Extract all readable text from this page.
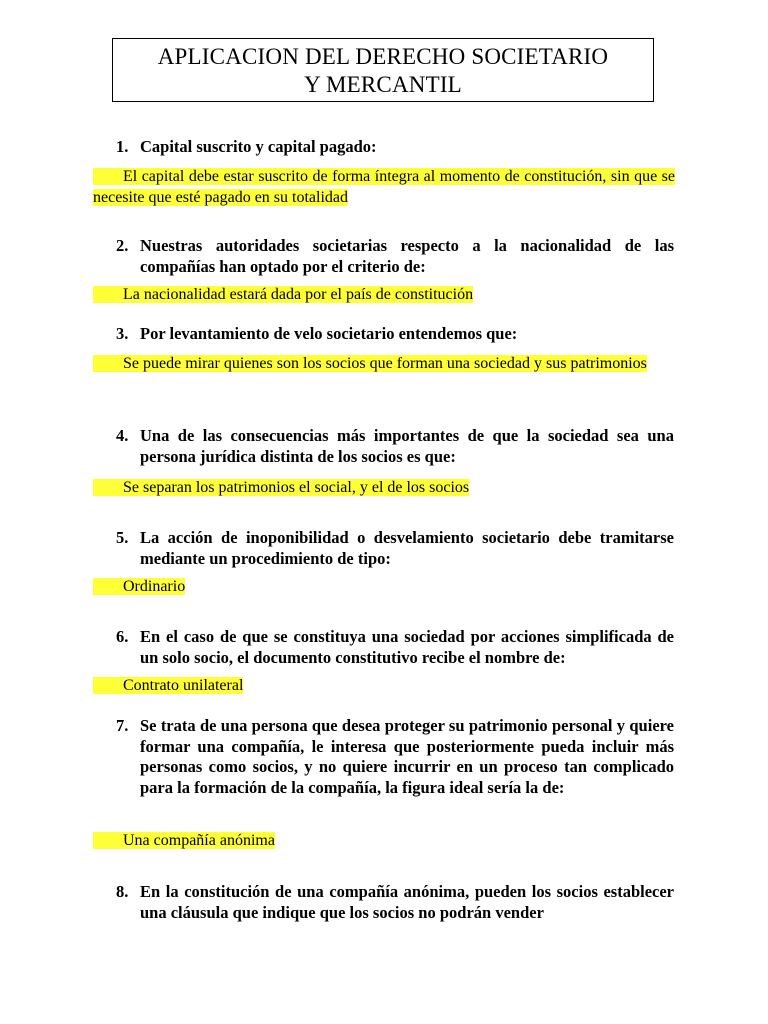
APLICACION DEL DERECHO SOCIETARIO
Y MERCANTIL
1. Capital suscrito y capital pagado:
El capital debe estar suscrito de forma íntegra al momento de constitución, sin que se necesite que esté pagado en su totalidad
2. Nuestras autoridades societarias respecto a la nacionalidad de las compañías han optado por el criterio de:
La nacionalidad estará dada por el país de constitución
3. Por levantamiento de velo societario entendemos que:
Se puede mirar quienes son los socios que forman una sociedad y sus patrimonios
4. Una de las consecuencias más importantes de que la sociedad sea una persona jurídica distinta de los socios es que:
Se separan los patrimonios el social, y el de los socios
5. La acción de inoponibilidad o desvelamiento societario debe tramitarse mediante un procedimiento de tipo:
Ordinario
6. En el caso de que se constituya una sociedad por acciones simplificada de un solo socio, el documento constitutivo recibe el nombre de:
Contrato unilateral
7. Se trata de una persona que desea proteger su patrimonio personal y quiere formar una compañía, le interesa que posteriormente pueda incluir más personas como socios, y no quiere incurrir en un proceso tan complicado para la formación de la compañía, la figura ideal sería la de:
Una compañía anónima
8. En la constitución de una compañía anónima, pueden los socios establecer una cláusula que indique que los socios no podrán vender
